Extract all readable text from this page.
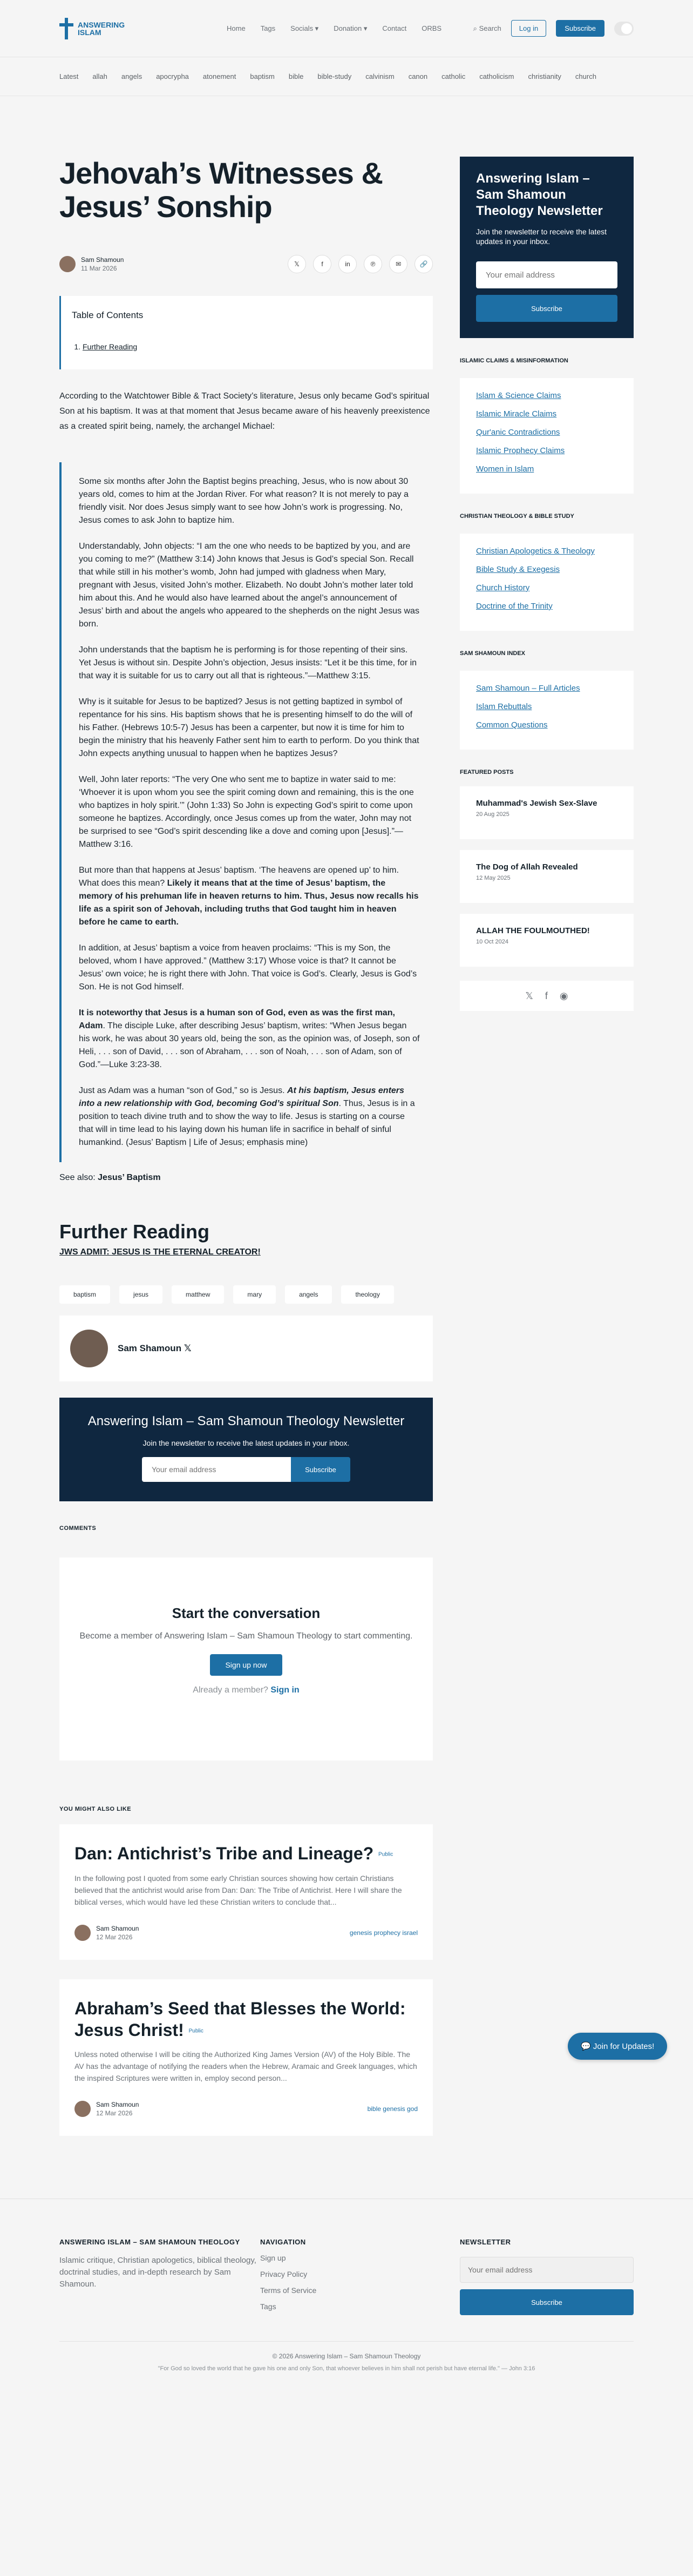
ANSWERING
ISLAM	Home Tags Socials ▾ Donation ▾ Contact ORBS	⌕ Search	Log in	Subscribe
Latest allah angels apocrypha atonement baptism bible bible-study calvinism canon catholic catholicism christianity church
Jehovah’s Witnesses & Jesus’ Sonship
Sam Shamoun
11 Mar 2026
𝕏	f	in	℗	✉	🔗
Table of Contents
1. Further Reading

According to the Watchtower Bible & Tract Society’s literature, Jesus only became God’s spiritual Son at his baptism. It was at that moment that Jesus became aware of his heavenly preexistence as a created spirit being, namely, the archangel Michael:

Some six months after John the Baptist begins preaching, Jesus, who is now about 30 years old, comes to him at the Jordan River. For what reason? It is not merely to pay a friendly visit. Nor does Jesus simply want to see how John’s work is progressing. No, Jesus comes to ask John to baptize him.

Understandably, John objects: “I am the one who needs to be baptized by you, and are you coming to me?” (Matthew 3:14) John knows that Jesus is God’s special Son. Recall that while still in his mother’s womb, John had jumped with gladness when Mary, pregnant with Jesus, visited John’s mother. Elizabeth. No doubt John’s mother later told him about this. And he would also have learned about the angel’s announcement of Jesus’ birth and about the angels who appeared to the shepherds on the night Jesus was born.

John understands that the baptism he is performing is for those repenting of their sins. Yet Jesus is without sin. Despite John’s objection, Jesus insists: “Let it be this time, for in that way it is suitable for us to carry out all that is righteous.”—Matthew 3:15.

Why is it suitable for Jesus to be baptized? Jesus is not getting baptized in symbol of repentance for his sins. His baptism shows that he is presenting himself to do the will of his Father. (Hebrews 10:5-7) Jesus has been a carpenter, but now it is time for him to begin the ministry that his heavenly Father sent him to earth to perform. Do you think that John expects anything unusual to happen when he baptizes Jesus?

Well, John later reports: “The very One who sent me to baptize in water said to me: ‘Whoever it is upon whom you see the spirit coming down and remaining, this is the one who baptizes in holy spirit.’” (John 1:33) So John is expecting God’s spirit to come upon someone he baptizes. Accordingly, once Jesus comes up from the water, John may not be surprised to see “God’s spirit descending like a dove and coming upon [Jesus].”—Matthew 3:16.

But more than that happens at Jesus’ baptism. ‘The heavens are opened up’ to him. What does this mean? Likely it means that at the time of Jesus’ baptism, the memory of his prehuman life in heaven returns to him. Thus, Jesus now recalls his life as a spirit son of Jehovah, including truths that God taught him in heaven before he came to earth.

In addition, at Jesus’ baptism a voice from heaven proclaims: “This is my Son, the beloved, whom I have approved.” (Matthew 3:17) Whose voice is that? It cannot be Jesus’ own voice; he is right there with John. That voice is God’s. Clearly, Jesus is God’s Son. He is not God himself.

It is noteworthy that Jesus is a human son of God, even as was the first man, Adam. The disciple Luke, after describing Jesus’ baptism, writes: “When Jesus began his work, he was about 30 years old, being the son, as the opinion was, of Joseph, son of Heli, . . . son of David, . . . son of Abraham, . . . son of Noah, . . . son of Adam, son of God.”—Luke 3:23-38.

Just as Adam was a human “son of God,” so is Jesus. At his baptism, Jesus enters into a new relationship with God, becoming God’s spiritual Son. Thus, Jesus is in a position to teach divine truth and to show the way to life. Jesus is starting on a course that will in time lead to his laying down his human life in sacrifice in behalf of sinful humankind. (Jesus’ Baptism | Life of Jesus; emphasis mine)

See also: Jesus’ Baptism

Further Reading
JWS ADMIT: JESUS IS THE ETERNAL CREATOR!
baptism	jesus	matthew	mary	angels	theology
Sam Shamoun 𝕏
Answering Islam – Sam Shamoun Theology Newsletter

Join the newsletter to receive the latest updates in your inbox.

Your email address
Subscribe
COMMENTS
Start the conversation

Become a member of Answering Islam – Sam Shamoun Theology to start commenting.

Sign up now
Already a member? Sign in
YOU MIGHT ALSO LIKE
Dan: Antichrist’s Tribe and Lineage? Public

In the following post I quoted from some early Christian sources showing how certain Christians believed that the antichrist would arise from Dan: Dan: The Tribe of Antichrist. Here I will share the biblical verses, which would have led these Christian writers to conclude that...

Sam Shamoun
12 Mar 2026
genesis prophecy israel
Abraham’s Seed that Blesses the World: Jesus Christ! Public

Unless noted otherwise I will be citing the Authorized King James Version (AV) of the Holy Bible. The AV has the advantage of notifying the readers when the Hebrew, Aramaic and Greek languages, which the inspired Scriptures were written in, employ second person...

Sam Shamoun
12 Mar 2026
bible genesis god
Answering Islam – Sam Shamoun Theology Newsletter

Join the newsletter to receive the latest updates in your inbox.

Your email address Subscribe
ISLAMIC CLAIMS & MISINFORMATION
Islam & Science Claims
Islamic Miracle Claims
Qur'anic Contradictions
Islamic Prophecy Claims
Women in Islam
CHRISTIAN THEOLOGY & BIBLE STUDY
Christian Apologetics & Theology
Bible Study & Exegesis
Church History
Doctrine of the Trinity
SAM SHAMOUN INDEX
Sam Shamoun – Full Articles
Islam Rebuttals
Common Questions
FEATURED POSTS
Muhammad's Jewish Sex-Slave
20 Aug 2025
The Dog of Allah Revealed
12 May 2025
ALLAH THE FOULMOUTHED!
10 Oct 2024
𝕏 f ◉
💬 Join for Updates!
ANSWERING ISLAM – SAM SHAMOUN THEOLOGY

Islamic critique, Christian apologetics, biblical theology, doctrinal studies, and in-depth research by Sam Shamoun.

NAVIGATION
Sign up
Privacy Policy
Terms of Service
Tags
NEWSLETTER
Your email address Subscribe
© 2026 Answering Islam – Sam Shamoun Theology
"For God so loved the world that he gave his one and only Son, that whoever believes in him shall not perish but have eternal life." — John 3:16
